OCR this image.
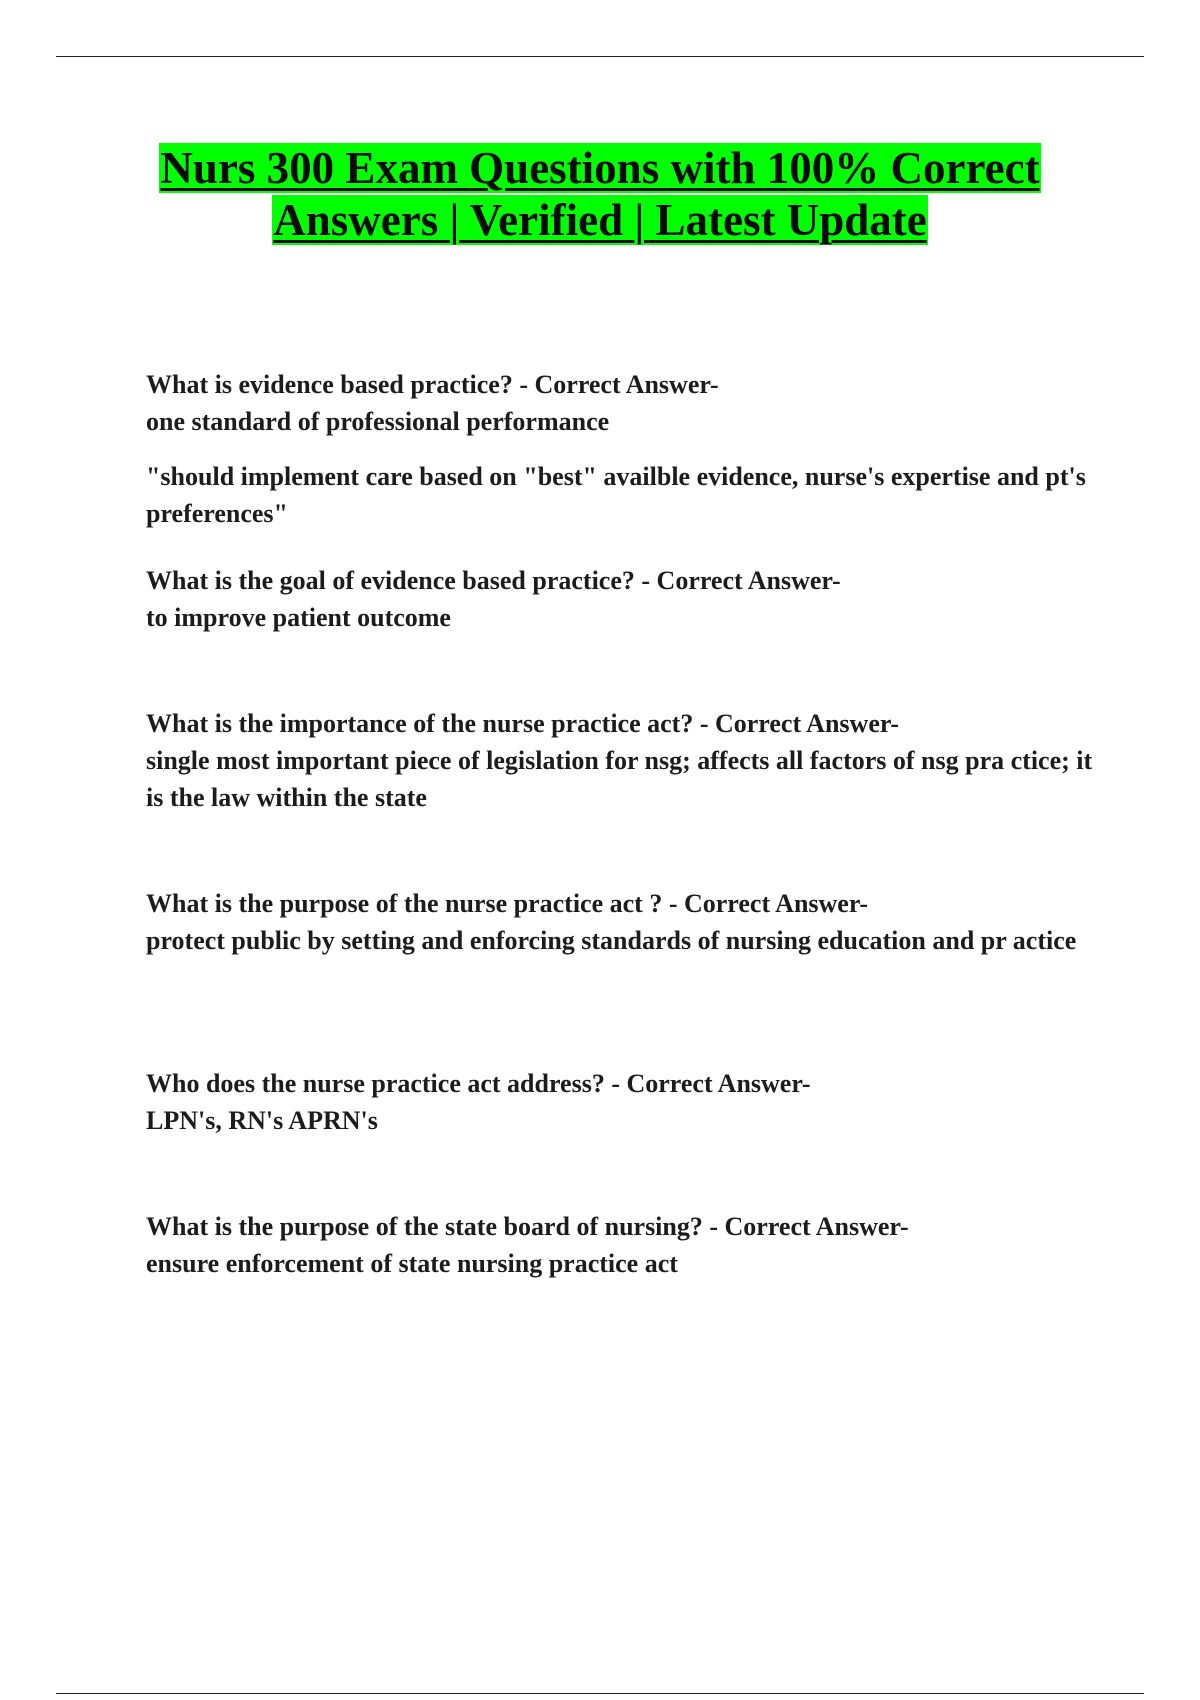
Nurs 300 Exam Questions with 100% Correct
Answers | Verified | Latest Update

What is evidence based practice? - Correct Answer-

one standard of professional performance

"should implement care based on "best" availble evidence, nurse's expertise and pt's preferences"

What is the goal of evidence based practice? - Correct Answer-

to improve patient outcome

What is the importance of the nurse practice act? - Correct Answer-

single most important piece of legislation for nsg; affects all factors of nsg pra ctice; it is the law within the state

What is the purpose of the nurse practice act ? - Correct Answer-

protect public by setting and enforcing standards of nursing education and pr actice

Who does the nurse practice act address? - Correct Answer-

LPN's, RN's APRN's

What is the purpose of the state board of nursing? - Correct Answer-

ensure enforcement of state nursing practice act
